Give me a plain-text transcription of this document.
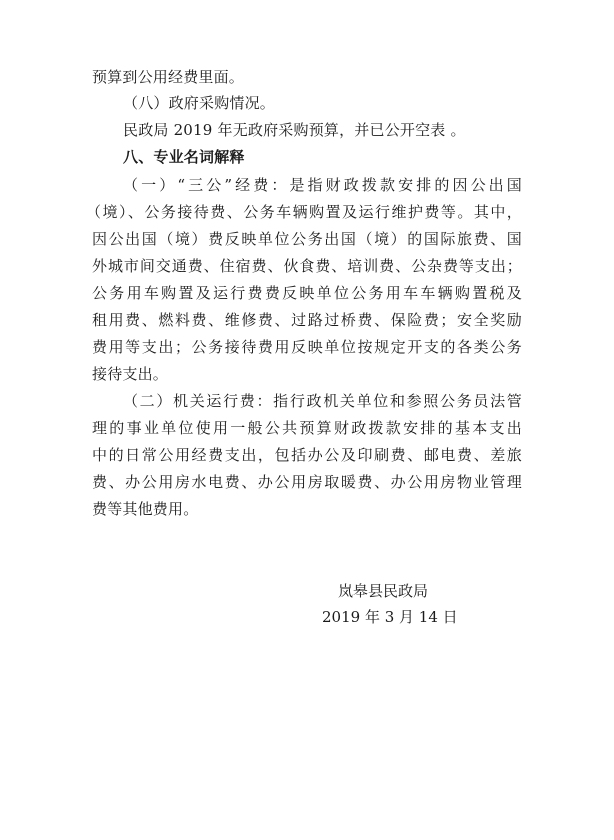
预算到公用经费里面。
（八）政府采购情况。
民政局 2019 年无政府采购预算，并已公开空表 。
八、专业名词解释
（一）“三公”经费：是指财政拨款安排的因公出国
（境）、公务接待费、公务车辆购置及运行维护费等。其中，
因公出国（境）费反映单位公务出国（境）的国际旅费、国
外城市间交通费、住宿费、伙食费、培训费、公杂费等支出；
公务用车购置及运行费费反映单位公务用车车辆购置税及
租用费、燃料费、维修费、过路过桥费、保险费；安全奖励
费用等支出；公务接待费用反映单位按规定开支的各类公务
接待支出。
（二）机关运行费：指行政机关单位和参照公务员法管
理的事业单位使用一般公共预算财政拨款安排的基本支出
中的日常公用经费支出，包括办公及印刷费、邮电费、差旅
费、办公用房水电费、办公用房取暖费、办公用房物业管理
费等其他费用。
岚皋县民政局
2019 年 3 月 14 日
